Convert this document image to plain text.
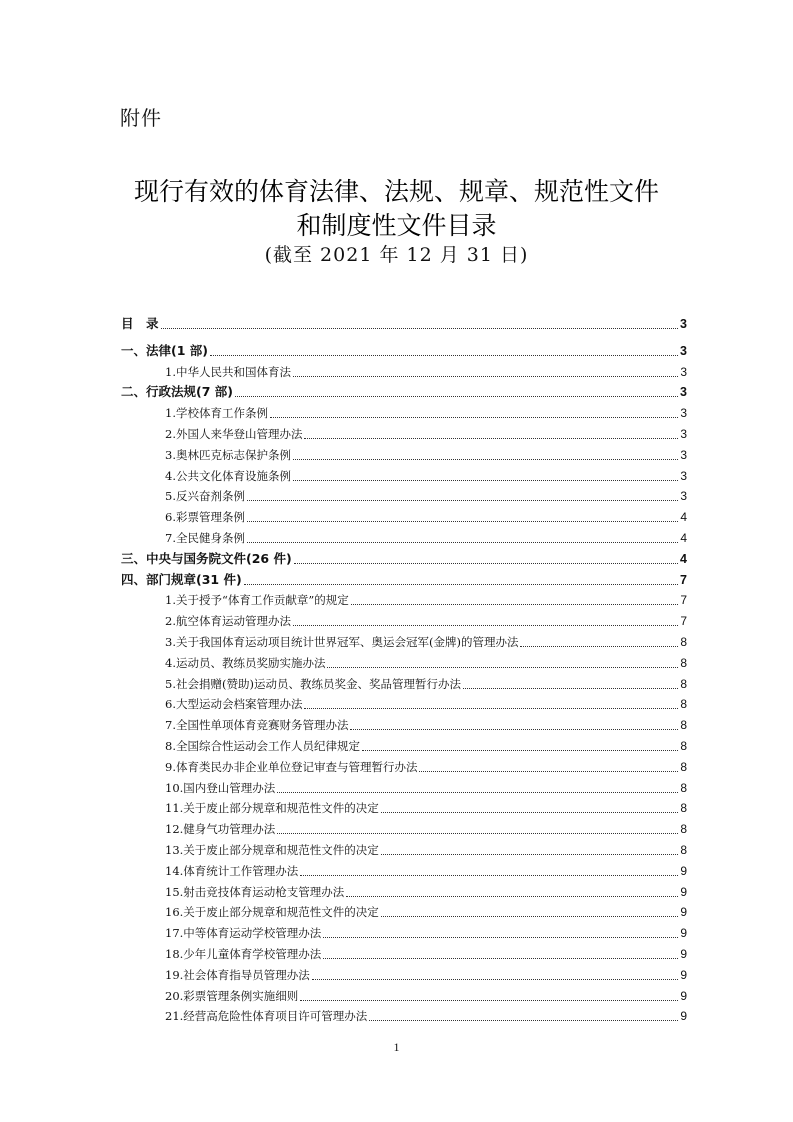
附件
现行有效的体育法律、法规、规章、规范性文件
和制度性文件目录
(截至 2021 年 12 月 31 日)
目　录	3
一、法律(1 部)	3
1.中华人民共和国体育法	3
二、行政法规(7 部)	3
1.学校体育工作条例	3
2.外国人来华登山管理办法	3
3.奥林匹克标志保护条例	3
4.公共文化体育设施条例	3
5.反兴奋剂条例	3
6.彩票管理条例	4
7.全民健身条例	4
三、中央与国务院文件(26 件)	4
四、部门规章(31 件)	7
1.关于授予“体育工作贡献章”的规定	7
2.航空体育运动管理办法	7
3.关于我国体育运动项目统计世界冠军、奥运会冠军(金牌)的管理办法	8
4.运动员、教练员奖励实施办法	8
5.社会捐赠(赞助)运动员、教练员奖金、奖品管理暂行办法	8
6.大型运动会档案管理办法	8
7.全国性单项体育竞赛财务管理办法	8
8.全国综合性运动会工作人员纪律规定	8
9.体育类民办非企业单位登记审查与管理暂行办法	8
10.国内登山管理办法	8
11.关于废止部分规章和规范性文件的决定	8
12.健身气功管理办法	8
13.关于废止部分规章和规范性文件的决定	8
14.体育统计工作管理办法	9
15.射击竞技体育运动枪支管理办法	9
16.关于废止部分规章和规范性文件的决定	9
17.中等体育运动学校管理办法	9
18.少年儿童体育学校管理办法	9
19.社会体育指导员管理办法	9
20.彩票管理条例实施细则	9
21.经营高危险性体育项目许可管理办法	9
1
